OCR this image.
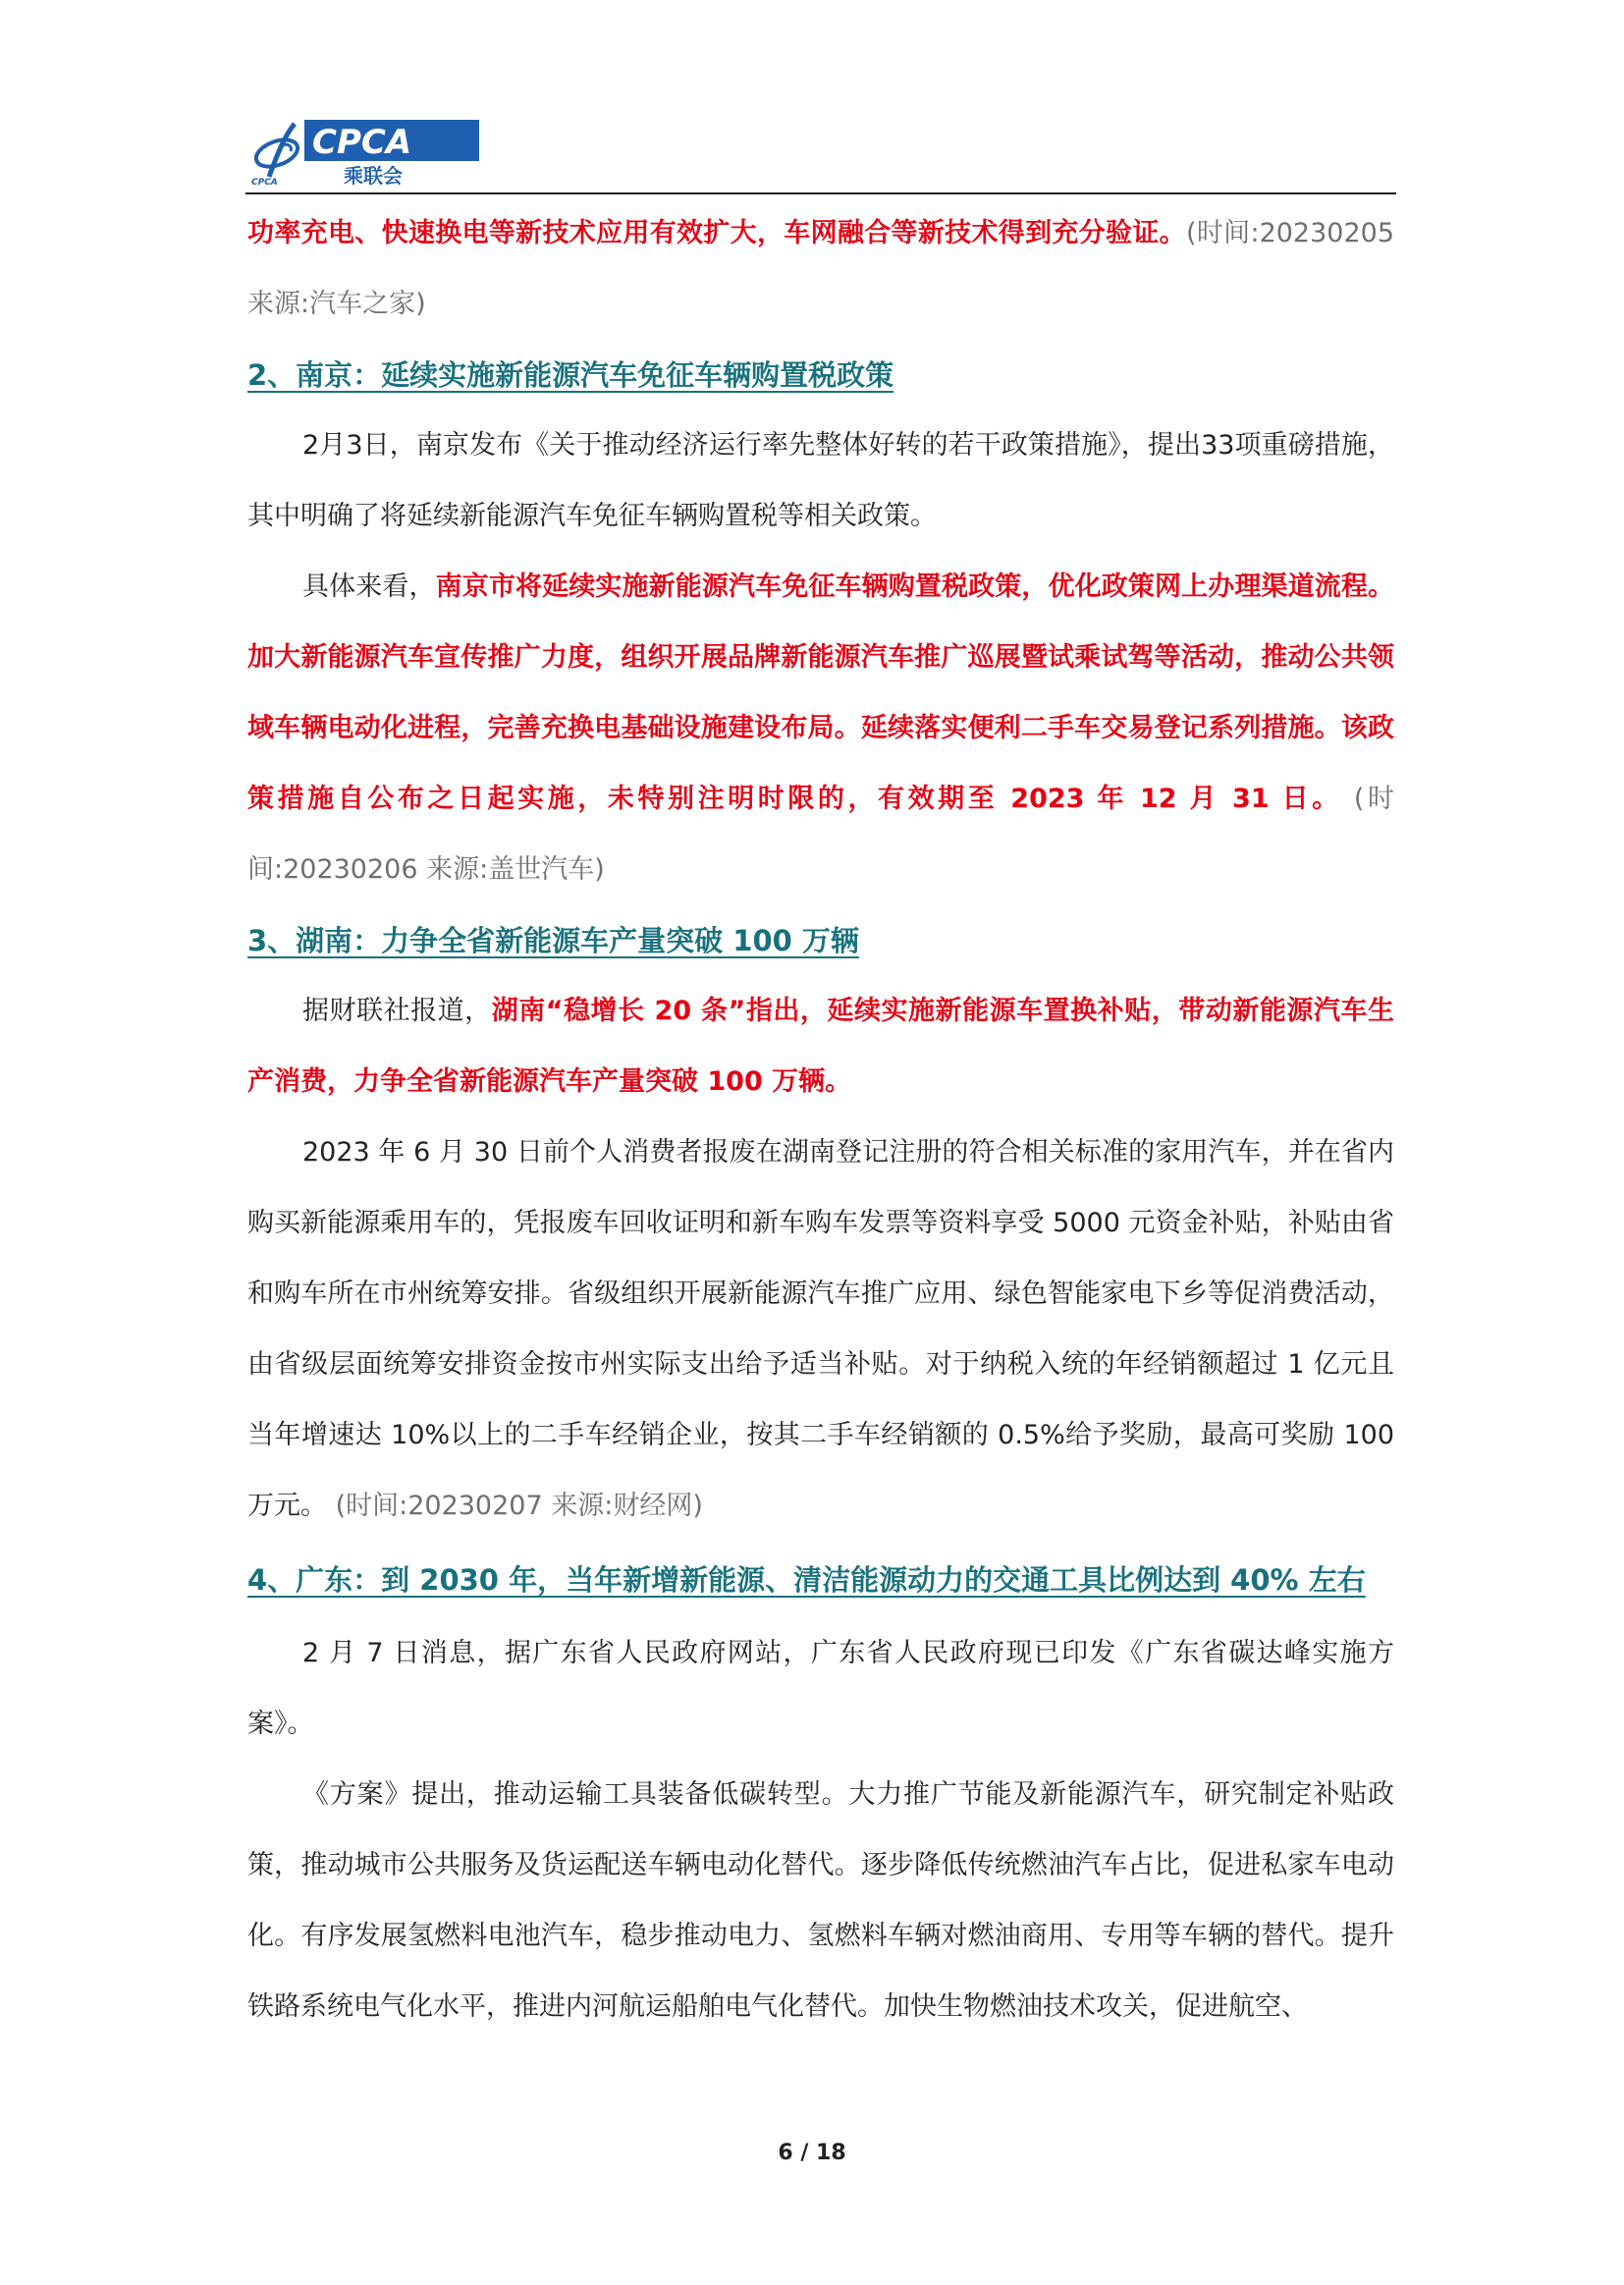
CPCA
CPCA
乘联会

功率充电、快速换电等新技术应用有效扩大，车网融合等新技术得到充分验证。(时间:20230205 来源:汽车之家)

2、南京：延续实施新能源汽车免征车辆购置税政策

2月3日，南京发布《关于推动经济运行率先整体好转的若干政策措施》，提出33项重磅措施，其中明确了将延续新能源汽车免征车辆购置税等相关政策。

具体来看，南京市将延续实施新能源汽车免征车辆购置税政策，优化政策网上办理渠道流程。加大新能源汽车宣传推广力度，组织开展品牌新能源汽车推广巡展暨试乘试驾等活动，推动公共领域车辆电动化进程，完善充换电基础设施建设布局。延续落实便利二手车交易登记系列措施。该政策措施自公布之日起实施，未特别注明时限的，有效期至 2023 年 12 月 31 日。 (时间:20230206 来源:盖世汽车)

3、湖南：力争全省新能源车产量突破 100 万辆

据财联社报道，湖南“稳增长 20 条”指出，延续实施新能源车置换补贴，带动新能源汽车生产消费，力争全省新能源汽车产量突破 100 万辆。

2023 年 6 月 30 日前个人消费者报废在湖南登记注册的符合相关标准的家用汽车，并在省内购买新能源乘用车的，凭报废车回收证明和新车购车发票等资料享受 5000 元资金补贴，补贴由省和购车所在市州统筹安排。省级组织开展新能源汽车推广应用、绿色智能家电下乡等促消费活动，由省级层面统筹安排资金按市州实际支出给予适当补贴。对于纳税入统的年经销额超过 1 亿元且当年增速达 10%以上的二手车经销企业，按其二手车经销额的 0.5%给予奖励，最高可奖励 100 万元。 (时间:20230207 来源:财经网)

4、广东：到 2030 年，当年新增新能源、清洁能源动力的交通工具比例达到 40% 左右

2 月 7 日消息，据广东省人民政府网站，广东省人民政府现已印发《广东省碳达峰实施方案》。

《方案》提出，推动运输工具装备低碳转型。大力推广节能及新能源汽车，研究制定补贴政策，推动城市公共服务及货运配送车辆电动化替代。逐步降低传统燃油汽车占比，促进私家车电动化。有序发展氢燃料电池汽车，稳步推动电力、氢燃料车辆对燃油商用、专用等车辆的替代。提升铁路系统电气化水平，推进内河航运船舶电气化替代。加快生物燃油技术攻关，促进航空、

6 / 18
